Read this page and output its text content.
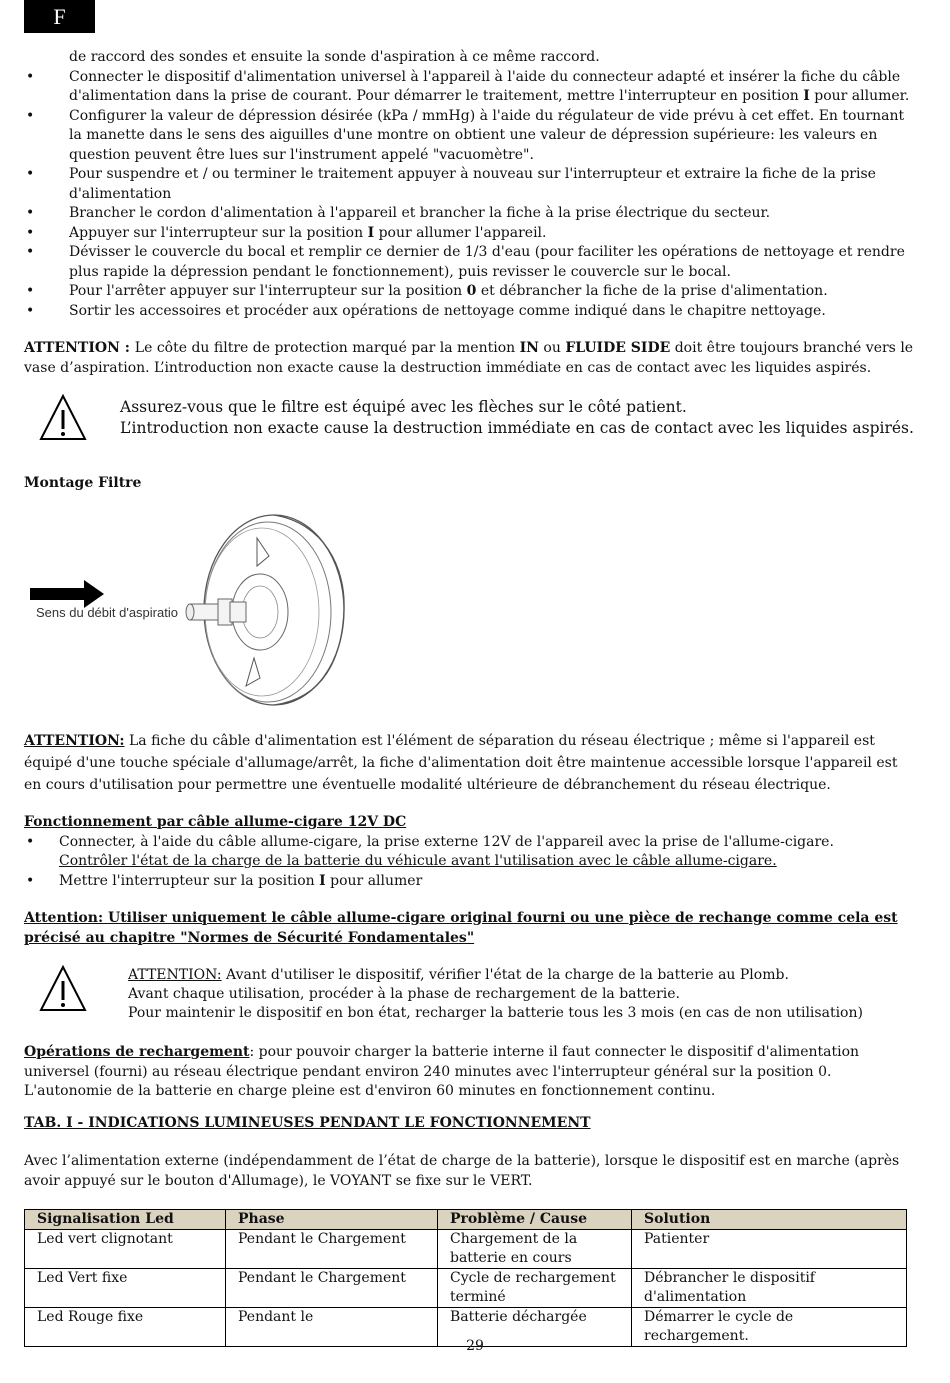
F
de raccord des sondes et ensuite la sonde d'aspiration à ce même raccord.
• Connecter le dispositif d'alimentation universel à l'appareil à l'aide du connecteur adapté et insérer la fiche du câble d'alimentation dans la prise de courant. Pour démarrer le traitement, mettre l'interrupteur en position I pour allumer.
• Configurer la valeur de dépression désirée (kPa / mmHg) à l'aide du régulateur de vide prévu à cet effet. En tournant la manette dans le sens des aiguilles d'une montre on obtient une valeur de dépression supérieure: les valeurs en question peuvent être lues sur l'instrument appelé "vacuomètre".
• Pour suspendre et / ou terminer le traitement appuyer à nouveau sur l'interrupteur et extraire la fiche de la prise d'alimentation
• Brancher le cordon d'alimentation à l'appareil et brancher la fiche à la prise électrique du secteur.
• Appuyer sur l'interrupteur sur la position I pour allumer l'appareil.
• Dévisser le couvercle du bocal et remplir ce dernier de 1/3 d'eau (pour faciliter les opérations de nettoyage et rendre plus rapide la dépression pendant le fonctionnement), puis revisser le couvercle sur le bocal.
• Pour l'arrêter appuyer sur l'interrupteur sur la position 0 et débrancher la fiche de la prise d'alimentation.
• Sortir les accessoires et procéder aux opérations de nettoyage comme indiqué dans le chapitre nettoyage.
ATTENTION : Le côte du filtre de protection marqué par la mention IN ou FLUIDE SIDE doit être toujours branché vers le vase d’aspiration. L’introduction non exacte cause la destruction immédiate en cas de contact avec les liquides aspirés.
Assurez-vous que le filtre est équipé avec les flèches sur le côté patient.
L’introduction non exacte cause la destruction immédiate en cas de contact avec les liquides aspirés.
Montage Filtre
Sens du débit d'aspiratio
ATTENTION: La fiche du câble d'alimentation est l'élément de séparation du réseau électrique ; même si l'appareil est équipé d'une touche spéciale d'allumage/arrêt, la fiche d'alimentation doit être maintenue accessible lorsque l'appareil est en cours d'utilisation pour permettre une éventuelle modalité ultérieure de débranchement du réseau électrique.
Fonctionnement par câble allume-cigare 12V DC
• Connecter, à l'aide du câble allume-cigare, la prise externe 12V de l'appareil avec la prise de l'allume-cigare.
Contrôler l'état de la charge de la batterie du véhicule avant l'utilisation avec le câble allume-cigare.
• Mettre l'interrupteur sur la position I pour allumer
Attention: Utiliser uniquement le câble allume-cigare original fourni ou une pièce de rechange comme cela est précisé au chapitre "Normes de Sécurité Fondamentales"
ATTENTION: Avant d'utiliser le dispositif, vérifier l'état de la charge de la batterie au Plomb.
Avant chaque utilisation, procéder à la phase de rechargement de la batterie.
Pour maintenir le dispositif en bon état, recharger la batterie tous les 3 mois (en cas de non utilisation)
Opérations de rechargement: pour pouvoir charger la batterie interne il faut connecter le dispositif d'alimentation universel (fourni) au réseau électrique pendant environ 240 minutes avec l'interrupteur général sur la position 0. L'autonomie de la batterie en charge pleine est d'environ 60 minutes en fonctionnement continu.
TAB. I - INDICATIONS LUMINEUSES PENDANT LE FONCTIONNEMENT
Avec l’alimentation externe (indépendamment de l’état de charge de la batterie), lorsque le dispositif est en marche (après avoir appuyé sur le bouton d'Allumage), le VOYANT se fixe sur le VERT.
Signalisation Led	Phase	Problème / Cause	Solution
Led vert clignotant	Pendant le Chargement	Chargement de la batterie en cours	Patienter
Led Vert fixe	Pendant le Chargement	Cycle de rechargement terminé	Débrancher le dispositif d'alimentation
Led Rouge fixe	Pendant le	Batterie déchargée	Démarrer le cycle de rechargement.
29
